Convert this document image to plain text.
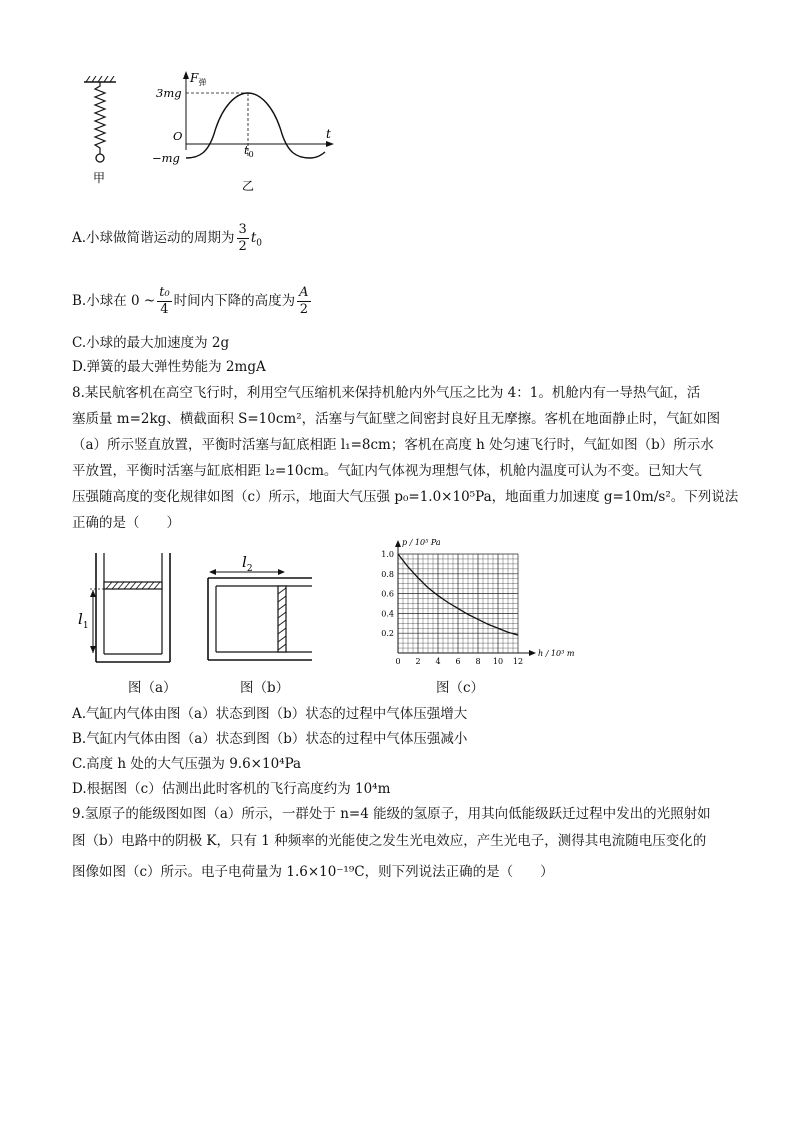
甲
$F_弹$
3mg
O
−mg
$t_0$
t
乙
A.小球做简谐运动的周期为 $\frac{3}{2} t_0$
B.小球在 0 ~ $\frac{\text{t₀}}{4}$ 时间内下降的高度为 $\frac{A}{2}$
C.小球的最大加速度为 2g
D.弹簧的最大弹性势能为 2mgA
8.某民航客机在高空飞行时，利用空气压缩机来保持机舱内外气压之比为 4：1。机舱内有一导热气缸，活
塞质量 m=2kg、横截面积 S=10cm²，活塞与气缸壁之间密封良好且无摩擦。客机在地面静止时，气缸如图
（a）所示竖直放置，平衡时活塞与缸底相距 l₁=8cm；客机在高度 h 处匀速飞行时，气缸如图（b）所示水
平放置，平衡时活塞与缸底相距 l₂=10cm。气缸内气体视为理想气体，机舱内温度可认为不变。已知大气
压强随高度的变化规律如图（c）所示，地面大气压强 p₀=1.0×10⁵Pa，地面重力加速度 g=10m/s²。下列说法
正确的是（　　）
$l_1$
$l_2$
0 2 4 6 8 10 12
0.2
0.4
0.6
0.8
1.0
p / 10⁵ Pa
h / 10³ m
图（a）	图（b）	图（c）
A.气缸内气体由图（a）状态到图（b）状态的过程中气体压强增大
B.气缸内气体由图（a）状态到图（b）状态的过程中气体压强减小
C.高度 h 处的大气压强为 9.6×10⁴Pa
D.根据图（c）估测出此时客机的飞行高度约为 10⁴m
9.氢原子的能级图如图（a）所示，一群处于 n=4 能级的氢原子，用其向低能级跃迁过程中发出的光照射如
图（b）电路中的阴极 K，只有 1 种频率的光能使之发生光电效应，产生光电子，测得其电流随电压变化的
图像如图（c）所示。电子电荷量为 1.6×10⁻¹⁹C，则下列说法正确的是（　　）
